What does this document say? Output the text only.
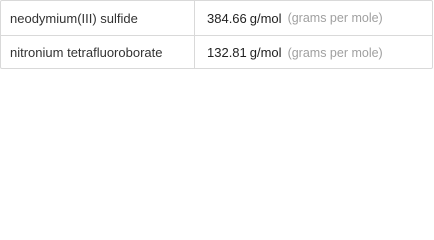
neodymium(III) sulfide	384.66 g/mol (grams per mole)
nitronium tetrafluoroborate	132.81 g/mol (grams per mole)
